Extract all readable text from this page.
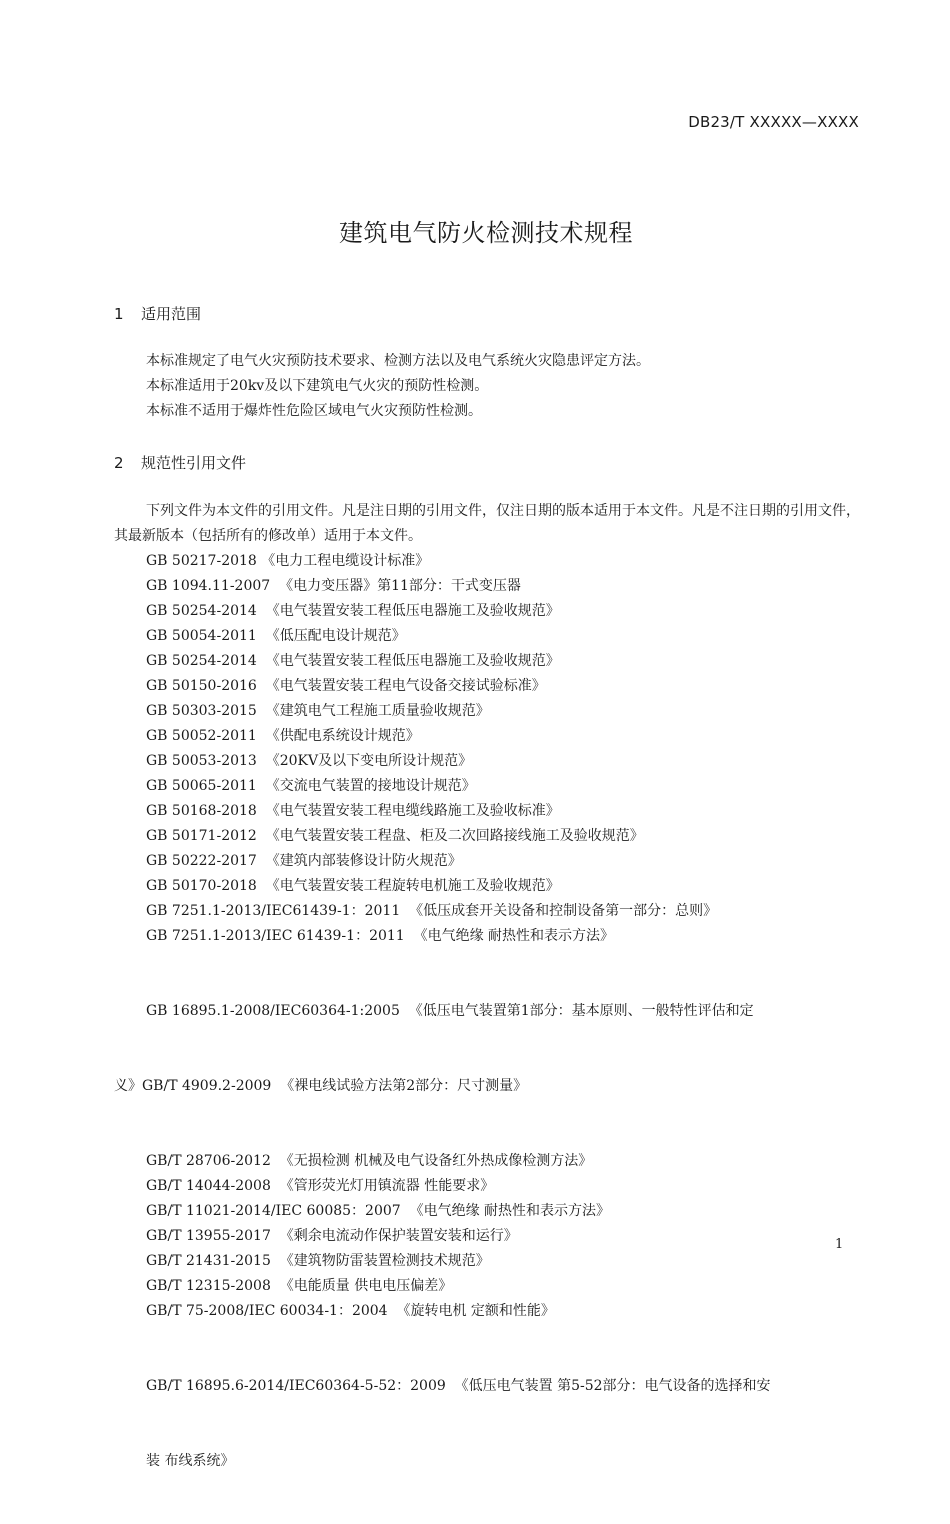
DB23/T XXXXX—XXXX
建筑电气防火检测技术规程
1 适用范围

本标准规定了电气火灾预防技术要求、检测方法以及电气系统火灾隐患评定方法。

本标准适用于20kv及以下建筑电气火灾的预防性检测。

本标准不适用于爆炸性危险区域电气火灾预防性检测。

2 规范性引用文件

下列文件为本文件的引用文件。凡是注日期的引用文件，仅注日期的版本适用于本文件。凡是不注日期的引用文件，其最新版本（包括所有的修改单）适用于本文件。

GB 50217-2018 《电力工程电缆设计标准》
GB 1094.11-2007  《电力变压器》第11部分：干式变压器
GB 50254-2014  《电气装置安装工程低压电器施工及验收规范》
GB 50054-2011  《低压配电设计规范》
GB 50254-2014  《电气装置安装工程低压电器施工及验收规范》
GB 50150-2016  《电气装置安装工程电气设备交接试验标准》
GB 50303-2015  《建筑电气工程施工质量验收规范》
GB 50052-2011  《供配电系统设计规范》
GB 50053-2013  《20KV及以下变电所设计规范》
GB 50065-2011  《交流电气装置的接地设计规范》
GB 50168-2018  《电气装置安装工程电缆线路施工及验收标准》
GB 50171-2012  《电气装置安装工程盘、柜及二次回路接线施工及验收规范》
GB 50222-2017  《建筑内部装修设计防火规范》
GB 50170-2018  《电气装置安装工程旋转电机施工及验收规范》
GB 7251.1-2013/IEC61439-1：2011  《低压成套开关设备和控制设备第一部分：总则》
GB 7251.1-2013/IEC 61439-1：2011  《电气绝缘 耐热性和表示方法》

GB 16895.1-2008/IEC60364-1:2005  《低压电气装置第1部分：基本原则、一般特性评估和定

义》GB/T 4909.2-2009  《裸电线试验方法第2部分：尺寸测量》

GB/T 28706-2012  《无损检测 机械及电气设备红外热成像检测方法》
GB/T 14044-2008  《管形荧光灯用镇流器 性能要求》
GB/T 11021-2014/IEC 60085：2007  《电气绝缘 耐热性和表示方法》
GB/T 13955-2017  《剩余电流动作保护装置安装和运行》
GB/T 21431-2015  《建筑物防雷装置检测技术规范》
GB/T 12315-2008  《电能质量 供电电压偏差》
GB/T 75-2008/IEC 60034-1：2004  《旋转电机 定额和性能》

GB/T 16895.6-2014/IEC60364-5-52：2009  《低压电气装置 第5-52部分：电气设备的选择和安

装 布线系统》

1
